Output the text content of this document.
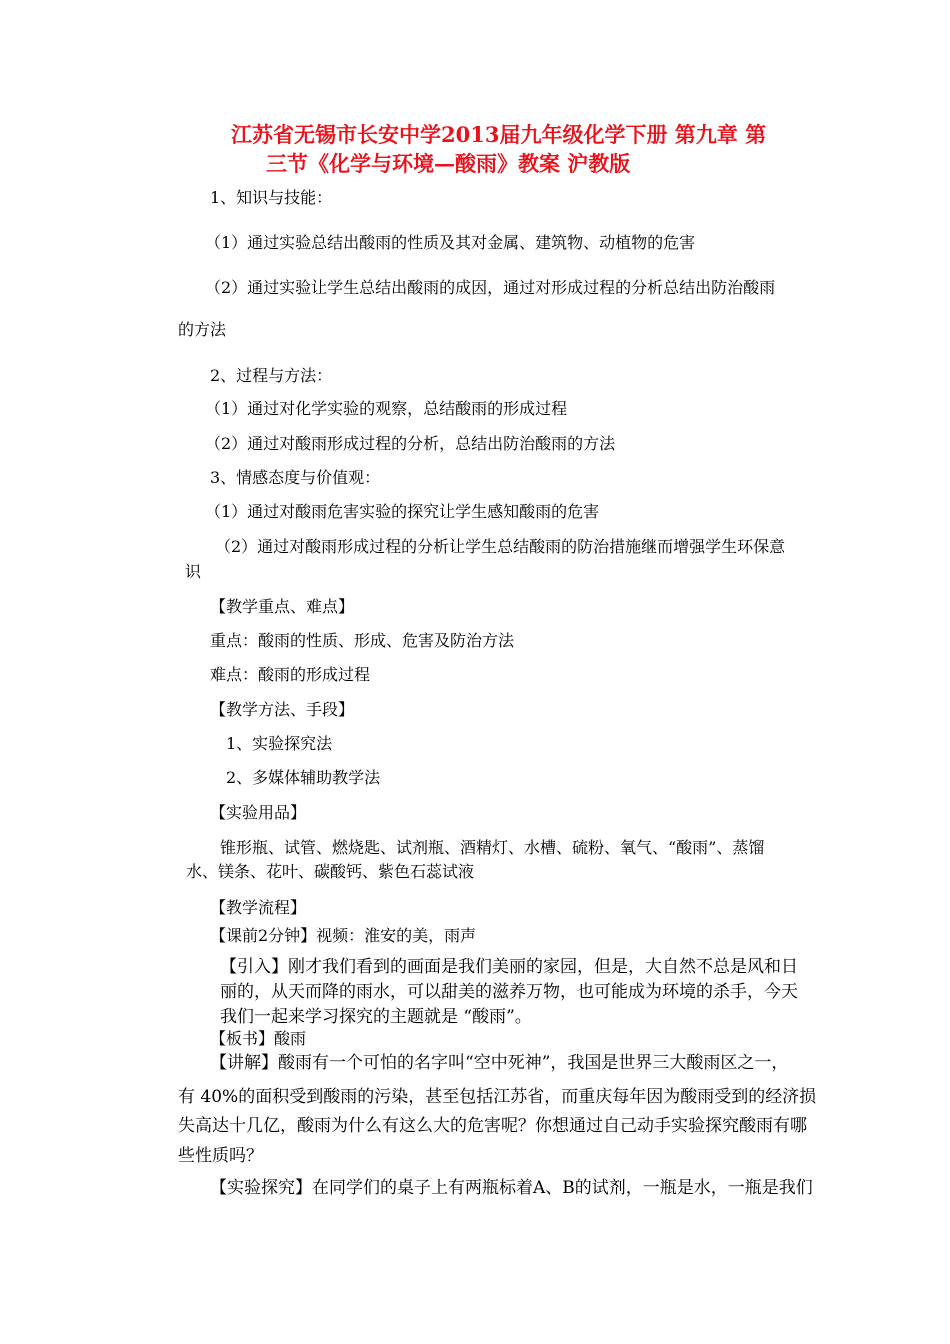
江苏省无锡市长安中学2013届九年级化学下册 第九章 第
三节《化学与环境—酸雨》教案 沪教版
1、知识与技能：
（1）通过实验总结出酸雨的性质及其对金属、建筑物、动植物的危害
（2）通过实验让学生总结出酸雨的成因，通过对形成过程的分析总结出防治酸雨
的方法
2、过程与方法：
（1）通过对化学实验的观察，总结酸雨的形成过程
（2）通过对酸雨形成过程的分析，总结出防治酸雨的方法
3、情感态度与价值观：
（1）通过对酸雨危害实验的探究让学生感知酸雨的危害
（2）通过对酸雨形成过程的分析让学生总结酸雨的防治措施继而增强学生环保意
识
【教学重点、难点】
重点：酸雨的性质、形成、危害及防治方法
难点：酸雨的形成过程
【教学方法、手段】
1、实验探究法
2、多媒体辅助教学法
【实验用品】
锥形瓶、试管、燃烧匙、试剂瓶、酒精灯、水槽、硫粉、氧气、“酸雨”、蒸馏
水、镁条、花叶、碳酸钙、紫色石蕊试液
【教学流程】
【课前2分钟】视频：淮安的美，雨声
【引入】刚才我们看到的画面是我们美丽的家园，但是，大自然不总是风和日
丽的，从天而降的雨水，可以甜美的滋养万物，也可能成为环境的杀手，今天
我们一起来学习探究的主题就是 “酸雨”。
【板书】酸雨
【讲解】酸雨有一个可怕的名字叫“空中死神”，我国是世界三大酸雨区之一，
有 40%的面积受到酸雨的污染，甚至包括江苏省，而重庆每年因为酸雨受到的经济损
失高达十几亿，酸雨为什么有这么大的危害呢？你想通过自己动手实验探究酸雨有哪
些性质吗？
【实验探究】在同学们的桌子上有两瓶标着A、B的试剂，一瓶是水，一瓶是我们
